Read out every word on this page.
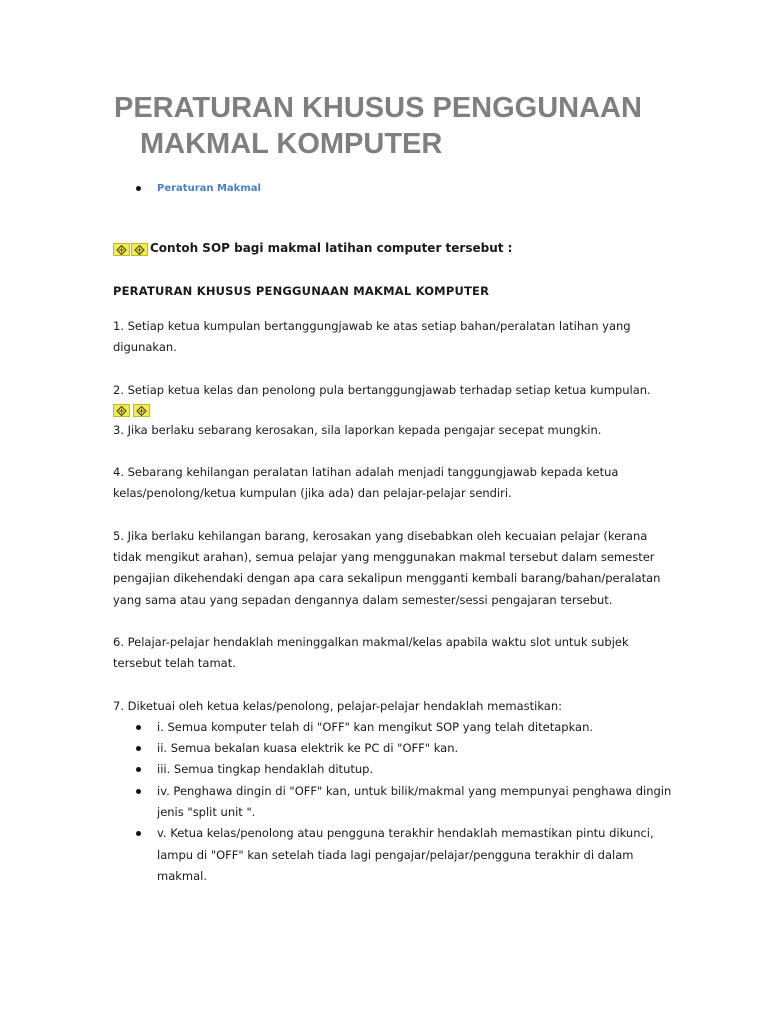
PERATURAN KHUSUS PENGGUNAAN
MAKMAL KOMPUTER
Peraturan Makmal
Contoh SOP bagi makmal latihan computer tersebut :
PERATURAN KHUSUS PENGGUNAAN MAKMAL KOMPUTER

1. Setiap ketua kumpulan bertanggungjawab ke atas setiap bahan/peralatan latihan yang digunakan.

2. Setiap ketua kelas dan penolong pula bertanggungjawab terhadap setiap ketua kumpulan.

3. Jika berlaku sebarang kerosakan, sila laporkan kepada pengajar secepat mungkin.

4. Sebarang kehilangan peralatan latihan adalah menjadi tanggungjawab kepada ketua kelas/penolong/ketua kumpulan (jika ada) dan pelajar-pelajar sendiri.

5. Jika berlaku kehilangan barang, kerosakan yang disebabkan oleh kecuaian pelajar (kerana tidak mengikut arahan), semua pelajar yang menggunakan makmal tersebut dalam semester pengajian dikehendaki dengan apa cara sekalipun mengganti kembali barang/bahan/peralatan yang sama atau yang sepadan dengannya dalam semester/sessi pengajaran tersebut.

6. Pelajar-pelajar hendaklah meninggalkan makmal/kelas apabila waktu slot untuk subjek tersebut telah tamat.

7. Diketuai oleh ketua kelas/penolong, pelajar-pelajar hendaklah memastikan:

i. Semua komputer telah di "OFF" kan mengikut SOP yang telah ditetapkan.
ii. Semua bekalan kuasa elektrik ke PC di "OFF" kan.
iii. Semua tingkap hendaklah ditutup.
iv. Penghawa dingin di "OFF" kan, untuk bilik/makmal yang mempunyai penghawa dingin jenis "split unit ".
v. Ketua kelas/penolong atau pengguna terakhir hendaklah memastikan pintu dikunci, lampu di "OFF" kan setelah tiada lagi pengajar/pelajar/pengguna terakhir di dalam makmal.
